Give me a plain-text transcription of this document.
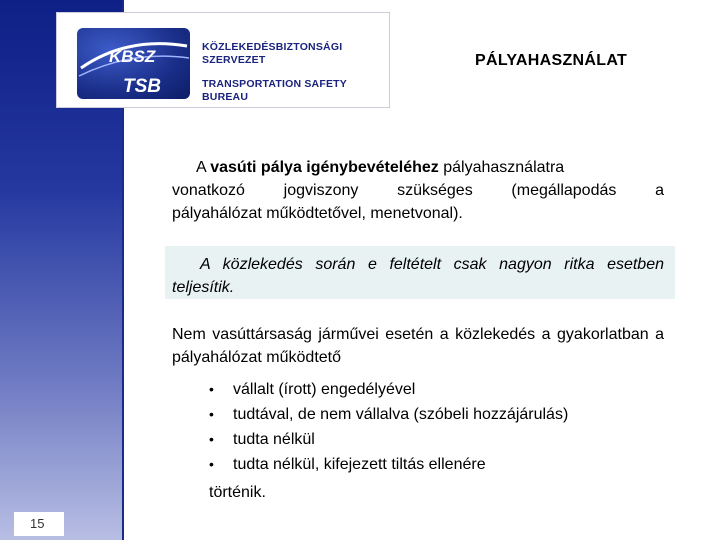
15
KBSZ
TSB
KÖZLEKEDÉSBIZTONSÁGI
SZERVEZET
TRANSPORTATION SAFETY
BUREAU
PÁLYAHASZNÁLAT
A vasúti pálya igénybevételéhez pályahasználatra
vonatkozó jogviszony szükséges (megállapodás a
pályahálózat működtetővel, menetvonal).
A közlekedés során e feltételt csak nagyon ritka esetben teljesítik.
Nem vasúttársaság járművei esetén a közlekedés a gyakorlatban a pályahálózat működtető
• vállalt (írott) engedélyével
• tudtával, de nem vállalva (szóbeli hozzájárulás)
• tudta nélkül
• tudta nélkül, kifejezett tiltás ellenére
történik.
